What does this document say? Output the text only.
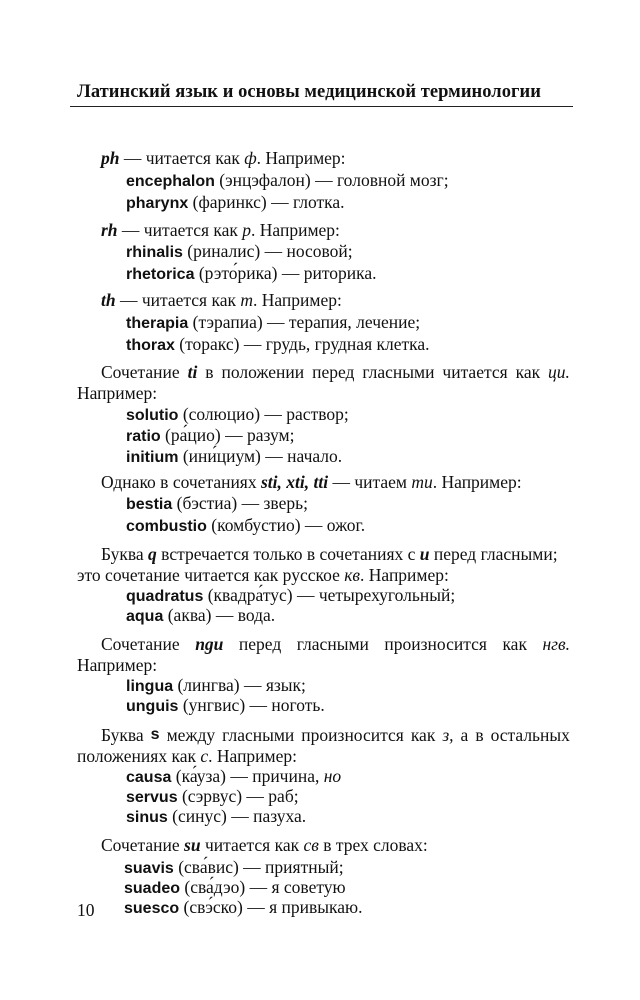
Латинский язык и основы медицинской терминологии
ph — читается как ф. Например:
encephalon (энцэфалон) — головной мозг;
pharynx (фаринкс) — глотка.
rh — читается как р. Например:
rhinalis (риналис) — носовой;
rhetorica (рэто́рика) — риторика.
th — читается как т. Например:
therapia (тэрапиа) — терапия, лечение;
thorax (торакс) — грудь, грудная клетка.
Сочетание ti в положении перед гласными читается как ци.
Например:
solutio (солюцио) — раствор;
ratio (ра́цио) — разум;
initium (ини́циум) — начало.
Однако в сочетаниях sti, xti, tti — читаем ти. Например:
bestia (бэстиа) — зверь;
combustio (комбустио) — ожог.
Буква q встречается только в сочетаниях с u перед гласными;
это сочетание читается как русское кв. Например:
quadratus (квадра́тус) — четырехугольный;
aqua (аква) — вода.
Сочетание ngu перед гласными произносится как нгв.
Например:
lingua (лингва) — язык;
unguis (унгвис) — ноготь.
Буква s между гласными произносится как з, а в остальных
положениях как с. Например:
causa (ка́уза) — причина, но
servus (сэрвус) — раб;
sinus (синус) — пазуха.
Сочетание su читается как св в трех словах:
suavis (сва́вис) — приятный;
suadeo (сва́дэо) — я советую
suesco (свэ́ско) — я привыкаю.
10
